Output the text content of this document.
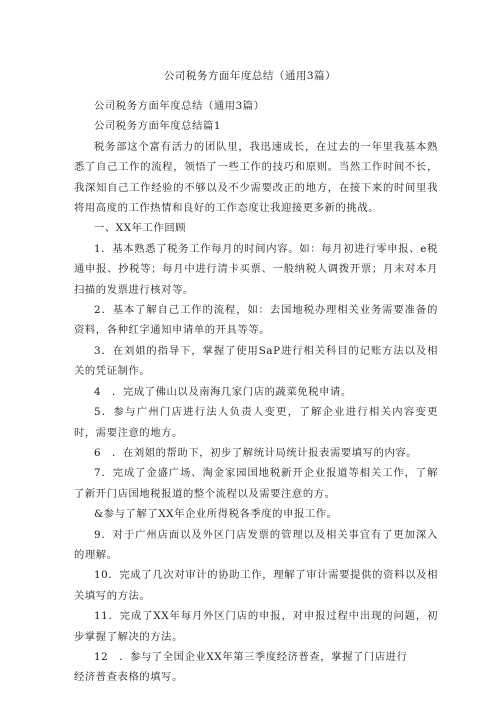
公司税务方面年度总结（通用3篇）

公司税务方面年度总结（通用3篇）

公司税务方面年度总结篇1

税务部这个富有活力的团队里，我迅速成长，在过去的一年里我基本熟悉了自己工作的流程，领悟了一些工作的技巧和原则。当然工作时间不长，我深知自己工作经验的不够以及不少需要改正的地方，在接下来的时间里我将用高度的工作热情和良好的工作态度让我迎接更多新的挑战。

一、XX年工作回顾

1．基本熟悉了税务工作每月的时间内容。如：每月初进行零申报、e税通申报、抄税等；每月中进行清卡买票、一般纳税人调拨开票；月末对本月扫描的发票进行核对等。

2．基本了解自己工作的流程，如：去国地税办理相关业务需要准备的资料，各种红字通知申请单的开具等等。

3．在刘姐的指导下，掌握了使用SaP进行相关科目的记账方法以及相关的凭证制作。

4　．完成了佛山以及南海几家门店的蔬菜免税申请。

5．参与广州门店进行法人负责人变更，了解企业进行相关内容变更时，需要注意的地方。

6　．在刘姐的帮助下，初步了解统计局统计报表需要填写的内容。

7．完成了金盛广场、淘金家园国地税新开企业报道等相关工作，了解了新开门店国地税报道的整个流程以及需要注意的方。

&参与了解了XX年企业所得税各季度的申报工作。

9．对于广州店面以及外区门店发票的管理以及相关事宜有了更加深入的理解。

10．完成了几次对审计的协助工作，理解了审计需要提供的资料以及相关填写的方法。

11．完成了XX年每月外区门店的申报，对申报过程中出现的问题，初步掌握了解决的方法。

12　．参与了全国企业XX年第三季度经济普查，掌握了门店进行

经济普查表格的填写。
